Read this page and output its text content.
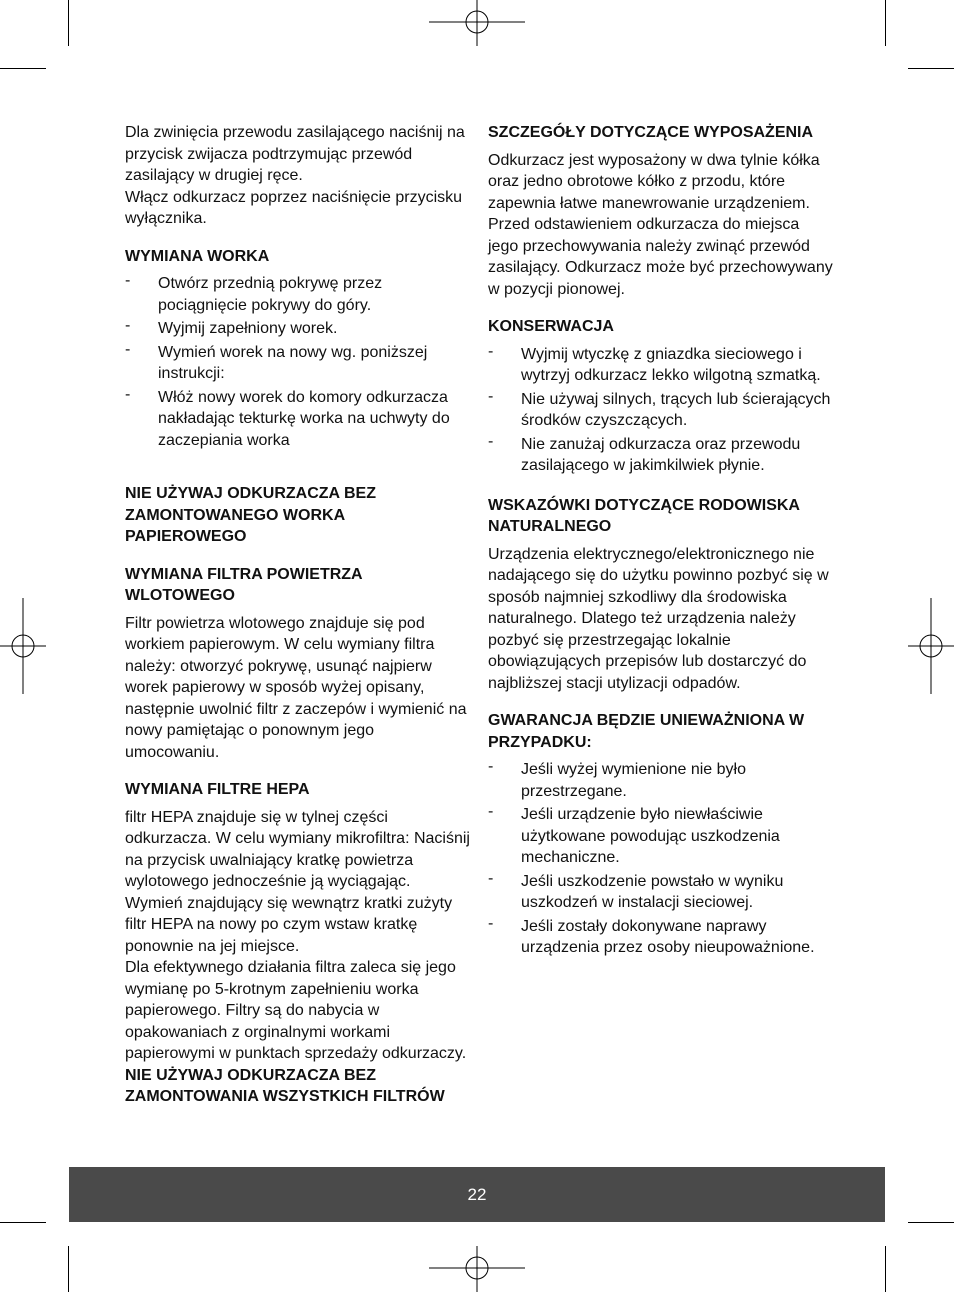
Dla zwinięcia przewodu zasilającego naciśnij na przycisk zwijacza podtrzymując przewód zasilający w drugiej ręce.

Włącz odkurzacz poprzez naciśnięcie przycisku wyłącznika.

WYMIANA WORKA
- Otwórz przednią pokrywę przez pociągnięcie pokrywy do góry.
- Wyjmij zapełniony worek.
- Wymień worek na nowy wg. poniższej instrukcji:
- Włóż nowy worek do komory odkurzacza nakładając tekturkę worka na uchwyty do zaczepiania worka
NIE UŻYWAJ ODKURZACZA BEZ ZAMONTOWANEGO WORKA PAPIEROWEGO
WYMIANA FILTRA POWIETRZA WLOTOWEGO

Filtr powietrza wlotowego znajduje się pod workiem papierowym. W celu wymiany filtra należy: otworzyć pokrywę, usunąć najpierw worek papierowy w sposób wyżej opisany, następnie uwolnić filtr z zaczepów i wymienić na nowy pamiętając o ponownym jego umocowaniu.

WYMIANA FILTRE HEPA

filtr HEPA znajduje się w tylnej części odkurzacza. W celu wymiany mikrofiltra: Naciśnij na przycisk uwalniający kratkę powietrza wylotowego jednocześnie ją wyciągając.

Wymień znajdujący się wewnątrz kratki zużyty filtr HEPA na nowy po czym wstaw kratkę ponownie na jej miejsce.

Dla efektywnego działania filtra zaleca się jego wymianę po 5-krotnym zapełnieniu worka papierowego. Filtry są do nabycia w opakowaniach z orginalnymi workami papierowymi w punktach sprzedaży odkurzaczy.

NIE UŻYWAJ ODKURZACZA BEZ ZAMONTOWANIA WSZYSTKICH FILTRÓW
SZCZEGÓŁY DOTYCZĄCE WYPOSAŻENIA

Odkurzacz jest wyposażony w dwa tylnie kółka oraz jedno obrotowe kółko z przodu, które zapewnia łatwe manewrowanie urządzeniem. Przed odstawieniem odkurzacza do miejsca jego przechowywania należy zwinąć przewód zasilający. Odkurzacz może być przechowywany w pozycji pionowej.

KONSERWACJA
- Wyjmij wtyczkę z gniazdka sieciowego i wytrzyj odkurzacz lekko wilgotną szmatką.
- Nie używaj silnych, trących lub ścierających środków czyszczących.
- Nie zanużaj odkurzacza oraz przewodu zasilającego w jakimkilwiek płynie.
WSKAZÓWKI DOTYCZĄCE RODOWISKA NATURALNEGO

Urządzenia elektrycznego/elektronicznego nie nadającego się do użytku powinno pozbyć się w sposób najmniej szkodliwy dla środowiska naturalnego. Dlatego też urządzenia należy pozbyć się przestrzegając lokalnie obowiązujących przepisów lub dostarczyć do najbliższej stacji utylizacji odpadów.

GWARANCJA BĘDZIE UNIEWAŻNIONA W PRZYPADKU:
- Jeśli wyżej wymienione nie było przestrzegane.
- Jeśli urządzenie było niewłaściwie użytkowane powodując uszkodzenia mechaniczne.
- Jeśli uszkodzenie powstało w wyniku uszkodzeń w instalacji sieciowej.
- Jeśli zostały dokonywane naprawy urządzenia przez osoby nieupoważnione.
22
